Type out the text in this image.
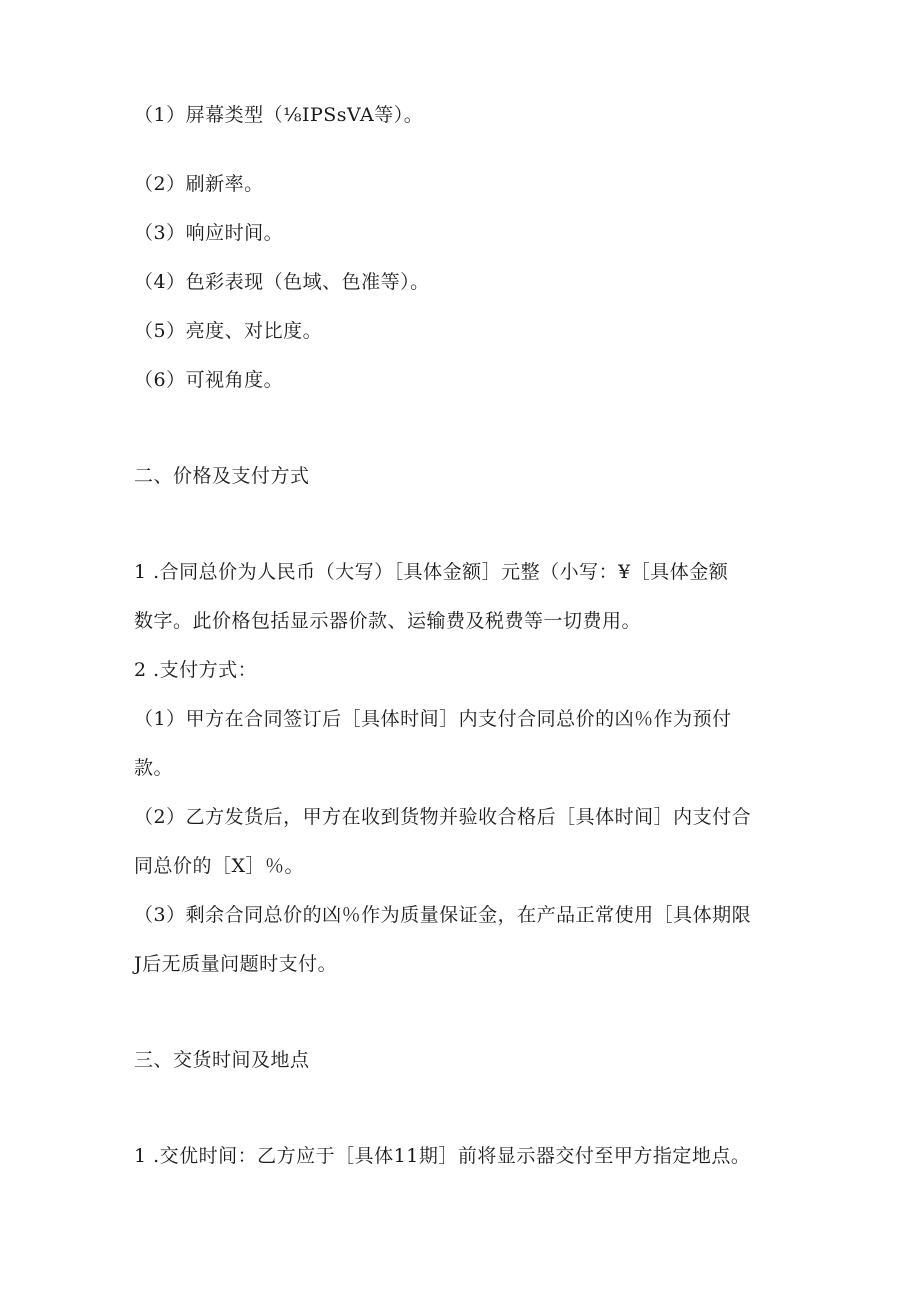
（1）屏幕类型（⅛IPSsVA等）。
（2）刷新率。
（3）响应时间。
（4）色彩表现（色域、色准等）。
（5）亮度、对比度。
（6）可视角度。
二、价格及支付方式
1 .合同总价为人民币（大写）［具体金额］元整（小写：¥［具体金额
数字。此价格包括显示器价款、运输费及税费等一切费用。
2 .支付方式：
（1）甲方在合同签订后［具体时间］内支付合同总价的凶％作为预付
款。
（2）乙方发货后，甲方在收到货物并验收合格后［具体时间］内支付合
同总价的［X］％。
（3）剩余合同总价的凶％作为质量保证金，在产品正常使用［具体期限
J后无质量问题时支付。
三、交货时间及地点
1 .交优时间：乙方应于［具体11期］前将显示器交付至甲方指定地点。
